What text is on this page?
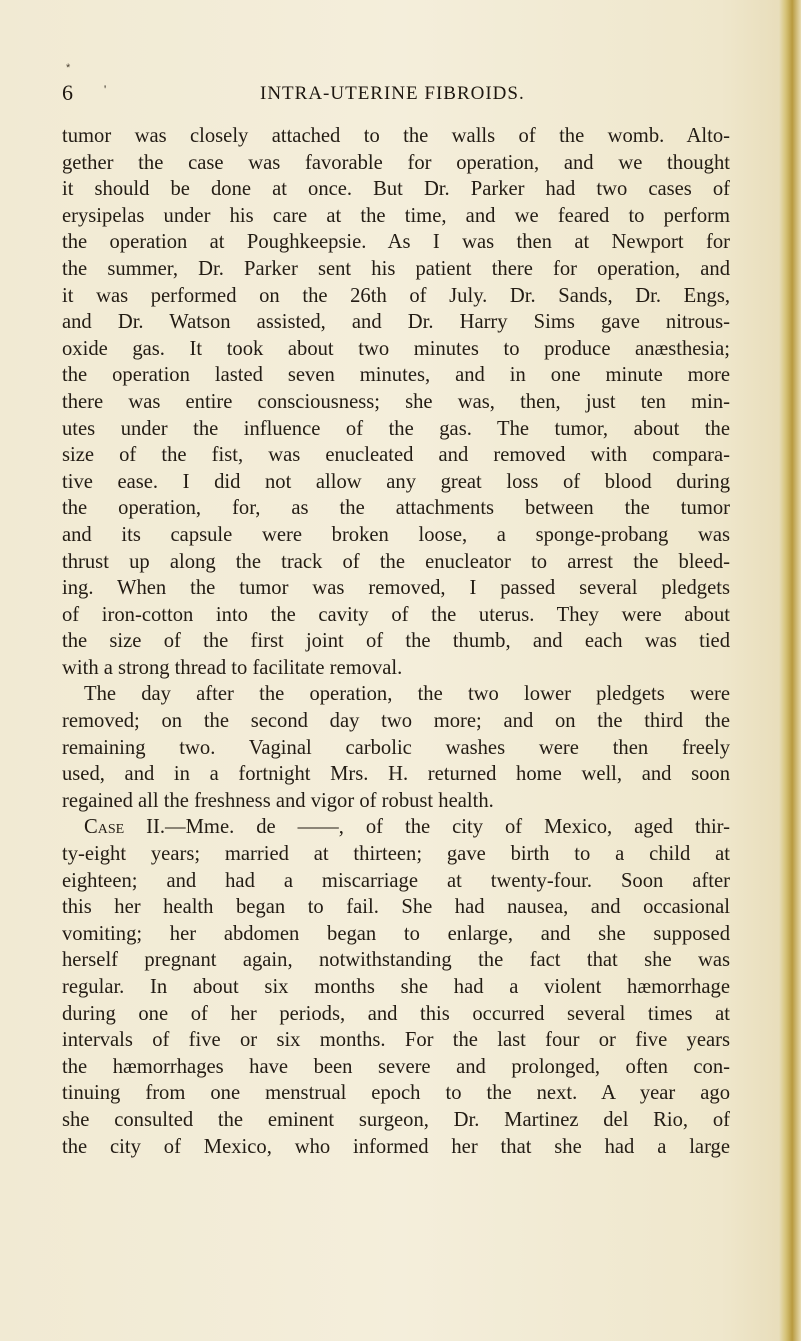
*
6	'	INTRA-UTERINE FIBROIDS.
tumor was closely attached to the walls of the womb. Alto-
gether the case was favorable for operation, and we thought
it should be done at once. But Dr. Parker had two cases of
erysipelas under his care at the time, and we feared to perform
the operation at Poughkeepsie. As I was then at Newport for
the summer, Dr. Parker sent his patient there for operation, and
it was performed on the 26th of July. Dr. Sands, Dr. Engs,
and Dr. Watson assisted, and Dr. Harry Sims gave nitrous-
oxide gas. It took about two minutes to produce anæsthesia;
the operation lasted seven minutes, and in one minute more
there was entire consciousness; she was, then, just ten min-
utes under the influence of the gas. The tumor, about the
size of the fist, was enucleated and removed with compara-
tive ease. I did not allow any great loss of blood during
the operation, for, as the attachments between the tumor
and its capsule were broken loose, a sponge-probang was
thrust up along the track of the enucleator to arrest the bleed-
ing. When the tumor was removed, I passed several pledgets
of iron-cotton into the cavity of the uterus. They were about
the size of the first joint of the thumb, and each was tied
with a strong thread to facilitate removal.
The day after the operation, the two lower pledgets were
removed; on the second day two more; and on the third the
remaining two. Vaginal carbolic washes were then freely
used, and in a fortnight Mrs. H. returned home well, and soon
regained all the freshness and vigor of robust health.
Case II.—Mme. de ——, of the city of Mexico, aged thir-
ty-eight years; married at thirteen; gave birth to a child at
eighteen; and had a miscarriage at twenty-four. Soon after
this her health began to fail. She had nausea, and occasional
vomiting; her abdomen began to enlarge, and she supposed
herself pregnant again, notwithstanding the fact that she was
regular. In about six months she had a violent hæmorrhage
during one of her periods, and this occurred several times at
intervals of five or six months. For the last four or five years
the hæmorrhages have been severe and prolonged, often con-
tinuing from one menstrual epoch to the next. A year ago
she consulted the eminent surgeon, Dr. Martinez del Rio, of
the city of Mexico, who informed her that she had a large
